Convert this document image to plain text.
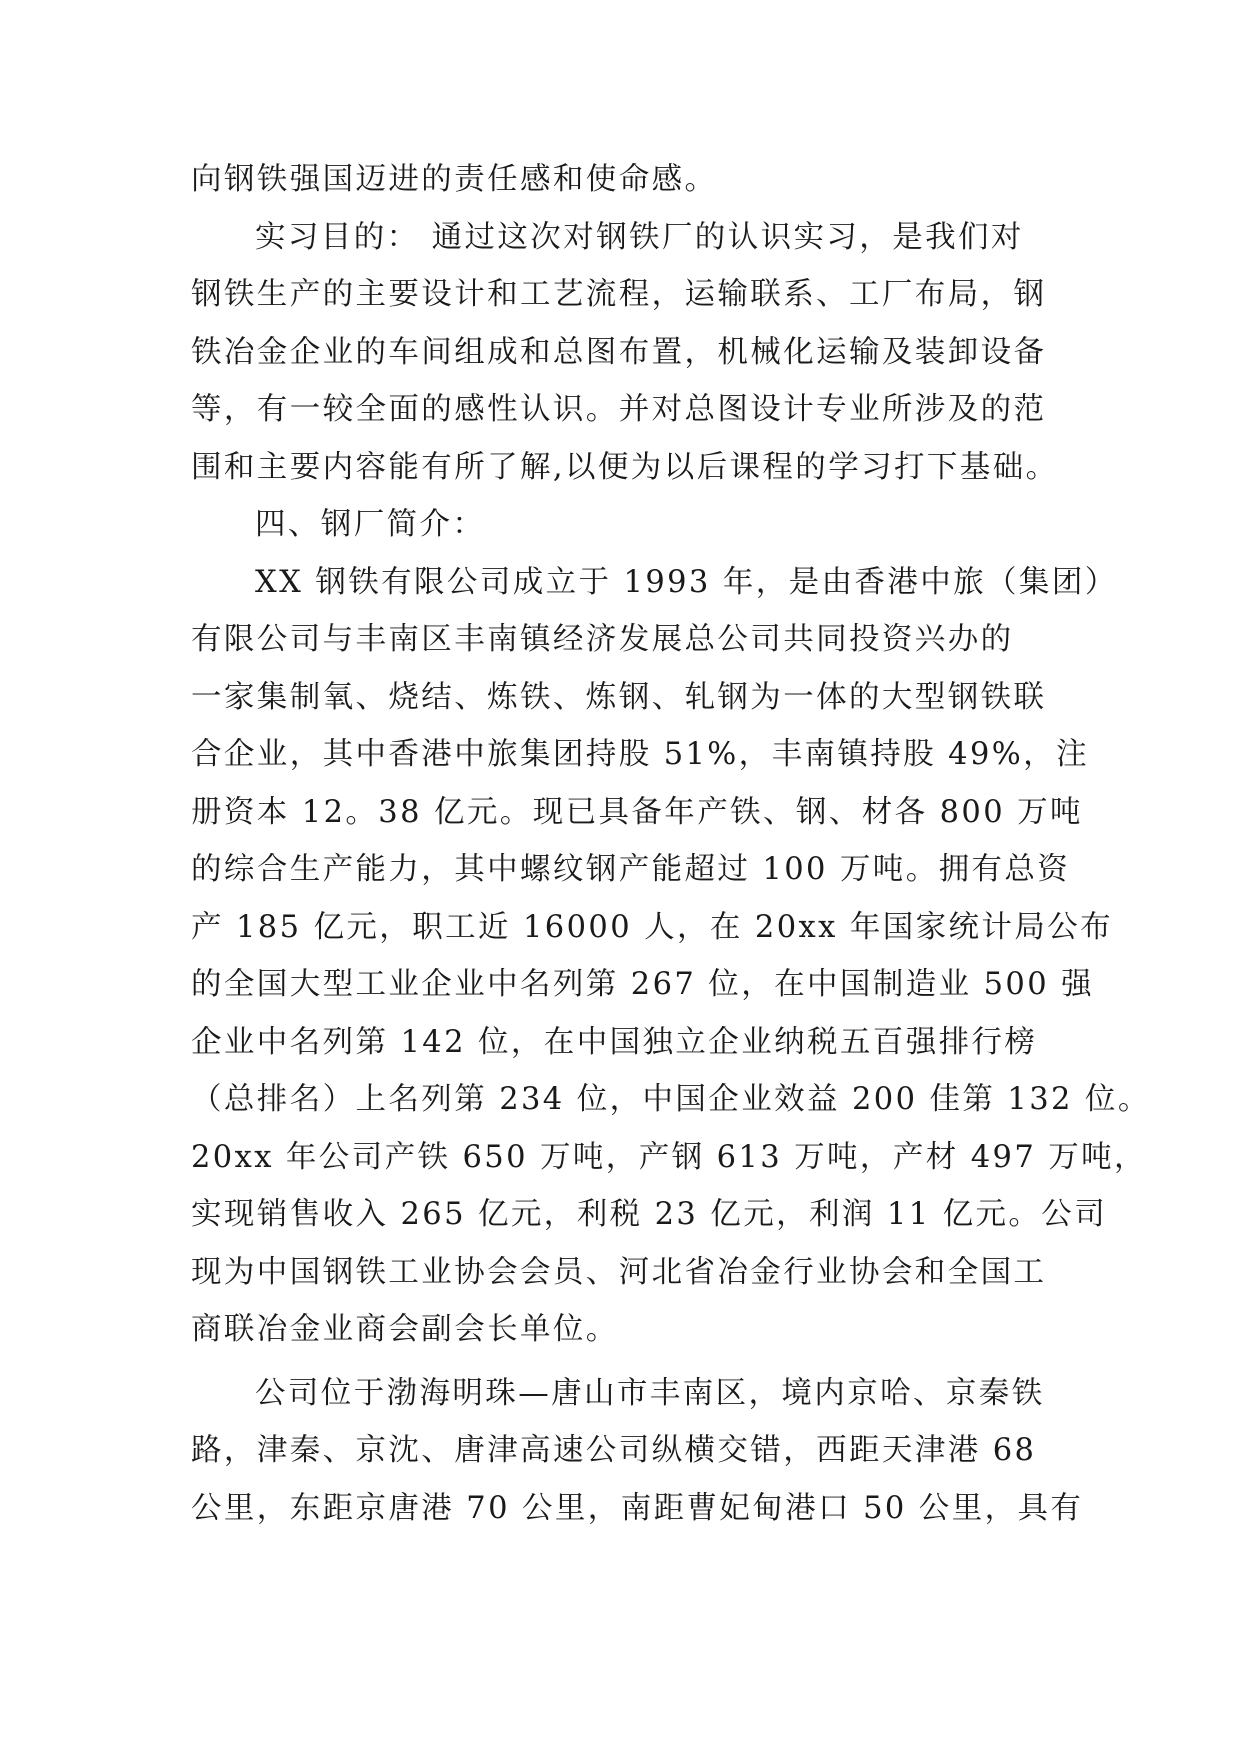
向钢铁强国迈进的责任感和使命感。
实习目的： 通过这次对钢铁厂的认识实习，是我们对
钢铁生产的主要设计和工艺流程，运输联系、工厂布局，钢
铁冶金企业的车间组成和总图布置，机械化运输及装卸设备
等，有一较全面的感性认识。并对总图设计专业所涉及的范
围和主要内容能有所了解,以便为以后课程的学习打下基础。
四、钢厂简介：
XX 钢铁有限公司成立于 1993 年，是由香港中旅（集团）
有限公司与丰南区丰南镇经济发展总公司共同投资兴办的
一家集制氧、烧结、炼铁、炼钢、轧钢为一体的大型钢铁联
合企业，其中香港中旅集团持股 51%，丰南镇持股 49%，注
册资本 12。38 亿元。现已具备年产铁、钢、材各 800 万吨
的综合生产能力，其中螺纹钢产能超过 100 万吨。拥有总资
产 185 亿元，职工近 16000 人，在 20xx 年国家统计局公布
的全国大型工业企业中名列第 267 位，在中国制造业 500 强
企业中名列第 142 位，在中国独立企业纳税五百强排行榜
（总排名）上名列第 234 位，中国企业效益 200 佳第 132 位。
20xx 年公司产铁 650 万吨，产钢 613 万吨，产材 497 万吨，
实现销售收入 265 亿元，利税 23 亿元，利润 11 亿元。公司
现为中国钢铁工业协会会员、河北省冶金行业协会和全国工
商联冶金业商会副会长单位。
公司位于渤海明珠—唐山市丰南区，境内京哈、京秦铁
路，津秦、京沈、唐津高速公司纵横交错，西距天津港 68
公里，东距京唐港 70 公里，南距曹妃甸港口 50 公里，具有
